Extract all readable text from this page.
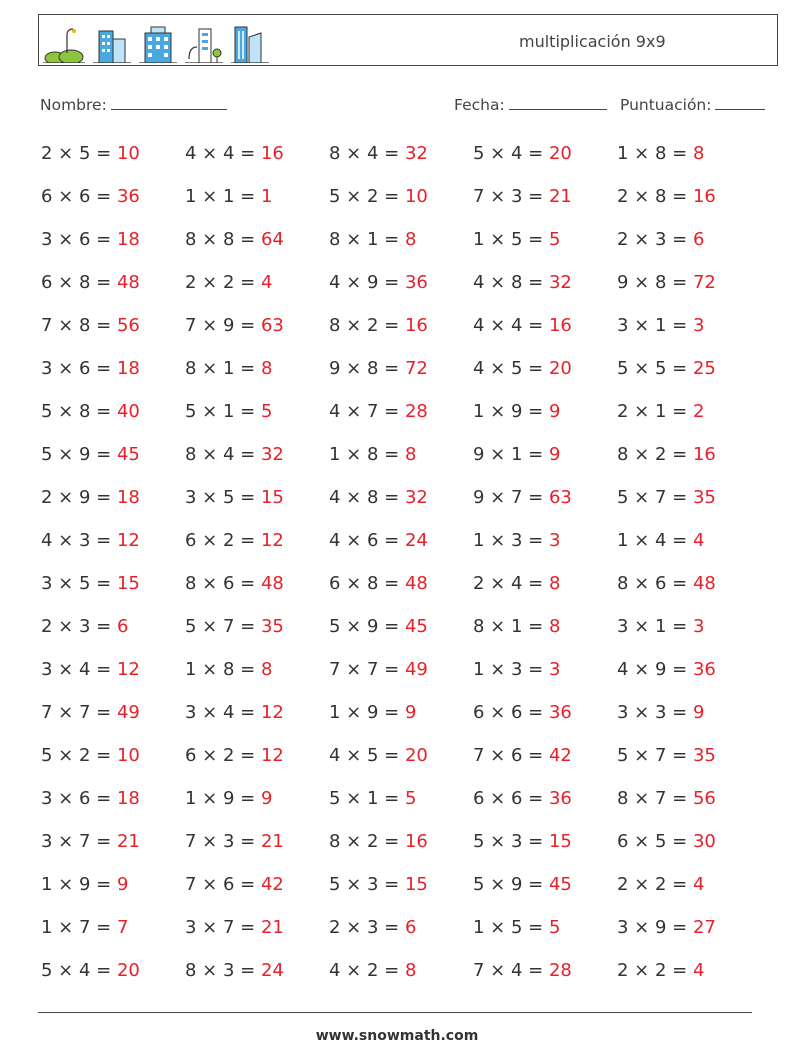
multiplicación 9x9
Nombre:	Fecha:	Puntuación:
2 × 5 = 10	4 × 4 = 16	8 × 4 = 32	5 × 4 = 20	1 × 8 = 8
6 × 6 = 36	1 × 1 = 1	5 × 2 = 10	7 × 3 = 21	2 × 8 = 16
3 × 6 = 18	8 × 8 = 64	8 × 1 = 8	1 × 5 = 5	2 × 3 = 6
6 × 8 = 48	2 × 2 = 4	4 × 9 = 36	4 × 8 = 32	9 × 8 = 72
7 × 8 = 56	7 × 9 = 63	8 × 2 = 16	4 × 4 = 16	3 × 1 = 3
3 × 6 = 18	8 × 1 = 8	9 × 8 = 72	4 × 5 = 20	5 × 5 = 25
5 × 8 = 40	5 × 1 = 5	4 × 7 = 28	1 × 9 = 9	2 × 1 = 2
5 × 9 = 45	8 × 4 = 32	1 × 8 = 8	9 × 1 = 9	8 × 2 = 16
2 × 9 = 18	3 × 5 = 15	4 × 8 = 32	9 × 7 = 63	5 × 7 = 35
4 × 3 = 12	6 × 2 = 12	4 × 6 = 24	1 × 3 = 3	1 × 4 = 4
3 × 5 = 15	8 × 6 = 48	6 × 8 = 48	2 × 4 = 8	8 × 6 = 48
2 × 3 = 6	5 × 7 = 35	5 × 9 = 45	8 × 1 = 8	3 × 1 = 3
3 × 4 = 12	1 × 8 = 8	7 × 7 = 49	1 × 3 = 3	4 × 9 = 36
7 × 7 = 49	3 × 4 = 12	1 × 9 = 9	6 × 6 = 36	3 × 3 = 9
5 × 2 = 10	6 × 2 = 12	4 × 5 = 20	7 × 6 = 42	5 × 7 = 35
3 × 6 = 18	1 × 9 = 9	5 × 1 = 5	6 × 6 = 36	8 × 7 = 56
3 × 7 = 21	7 × 3 = 21	8 × 2 = 16	5 × 3 = 15	6 × 5 = 30
1 × 9 = 9	7 × 6 = 42	5 × 3 = 15	5 × 9 = 45	2 × 2 = 4
1 × 7 = 7	3 × 7 = 21	2 × 3 = 6	1 × 5 = 5	3 × 9 = 27
5 × 4 = 20	8 × 3 = 24	4 × 2 = 8	7 × 4 = 28	2 × 2 = 4
www.snowmath.com
